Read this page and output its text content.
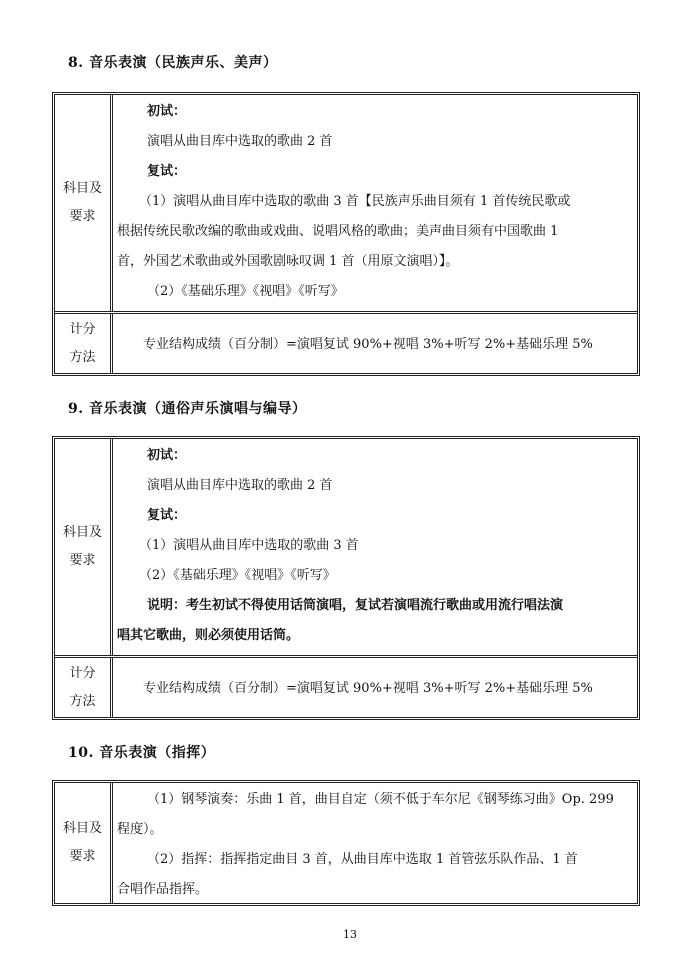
8. 音乐表演（民族声乐、美声）
科目及
要求

初试：

演唱从曲目库中选取的歌曲 2 首

复试：

（1）演唱从曲目库中选取的歌曲 3 首【民族声乐曲目须有 1 首传统民歌或

根据传统民歌改编的歌曲或戏曲、说唱风格的歌曲；美声曲目须有中国歌曲 1

首，外国艺术歌曲或外国歌剧咏叹调 1 首（用原文演唱）】。

（2）《基础乐理》《视唱》《听写》

计分
方法
专业结构成绩（百分制）=演唱复试 90%+视唱 3%+听写 2%+基础乐理 5%
9. 音乐表演（通俗声乐演唱与编导）
科目及
要求

初试：

演唱从曲目库中选取的歌曲 2 首

复试：

（1）演唱从曲目库中选取的歌曲 3 首

（2）《基础乐理》《视唱》《听写》

说明：考生初试不得使用话筒演唱，复试若演唱流行歌曲或用流行唱法演

唱其它歌曲，则必须使用话筒。

计分
方法
专业结构成绩（百分制）=演唱复试 90%+视唱 3%+听写 2%+基础乐理 5%
10. 音乐表演（指挥）
科目及
要求

（1）钢琴演奏：乐曲 1 首，曲目自定（须不低于车尔尼《钢琴练习曲》Op. 299

程度）。

（2）指挥：指挥指定曲目 3 首，从曲目库中选取 1 首管弦乐队作品、1 首

合唱作品指挥。

13
